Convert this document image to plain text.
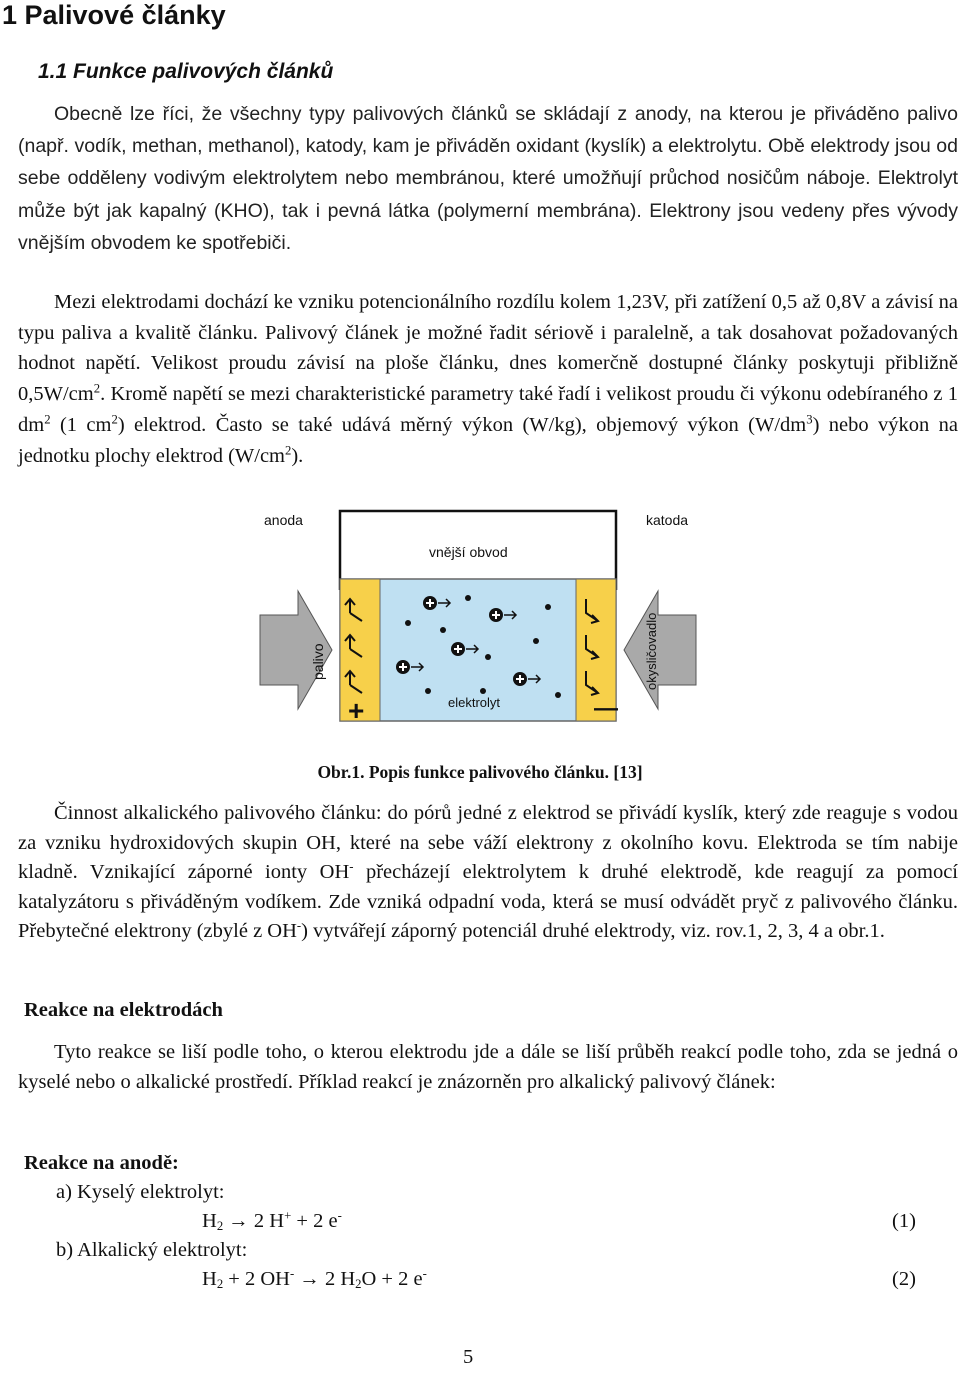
1 Palivové články
1.1 Funkce palivových článků

Obecně lze říci, že všechny typy palivových článků se skládají z anody, na kterou je přiváděno palivo (např. vodík, methan, methanol), katody, kam je přiváděn oxidant (kyslík) a elektrolytu. Obě elektrody jsou od sebe odděleny vodivým elektrolytem nebo membránou, které umožňují průchod nosičům náboje. Elektrolyt může být jak kapalný (KHO), tak i pevná látka (polymerní membrána). Elektrony jsou vedeny přes vývody vnějším obvodem ke spotřebiči.

Mezi elektrodami dochází ke vzniku potencionálního rozdílu kolem 1,23V, při zatížení 0,5 až 0,8V a závisí na typu paliva a kvalitě článku. Palivový článek je možné řadit sériově i paralelně, a tak dosahovat požadovaných hodnot napětí. Velikost proudu závisí na ploše článku, dnes komerčně dostupné články poskytuji přibližně $0,5W/cm^2$. Kromě napětí se mezi charakteristické parametry také řadí i velikost proudu či výkonu odebíraného z 1 $dm^2$ (1 $cm^2$) elektrod. Často se také udává měrný výkon (W/kg), objemový výkon $(W/dm^3)$ nebo výkon na jednotku plochy elektrod $(W/cm^2)$.

anoda	katoda
vnější obvod
elektrolyt
palivo	okysličovadlo
+	—
Obr.1. Popis funkce palivového článku. [13]

Činnost alkalického palivového článku: do pórů jedné z elektrod se přivádí kyslík, který zde reaguje s vodou za vzniku hydroxidových skupin OH, které na sebe váží elektrony z okolního kovu. Elektroda se tím nabije kladně. Vznikající záporné ionty OH- přecházejí elektrolytem k druhé elektrodě, kde reagují za pomocí katalyzátoru s přiváděným vodíkem. Zde vzniká odpadní voda, která se musí odvádět pryč z palivového článku. Přebytečné elektrony (zbylé z OH-) vytvářejí záporný potenciál druhé elektrody, viz. rov.1, 2, 3, 4 a obr.1.

Reakce na elektrodách

Tyto reakce se liší podle toho, o kterou elektrodu jde a dále se liší průběh reakcí podle toho, zda se jedná o kyselé nebo o alkalické prostředí. Příklad reakcí je znázorněn pro alkalický palivový článek:

Reakce na anodě:
a) Kyselý elektrolyt:
$H_2 \to 2$ H+ + 2 e-	(1)
b) Alkalický elektrolyt:
$H_2 + 2$ OH- → 2 $H_2O + 2$ e-	(2)
5
